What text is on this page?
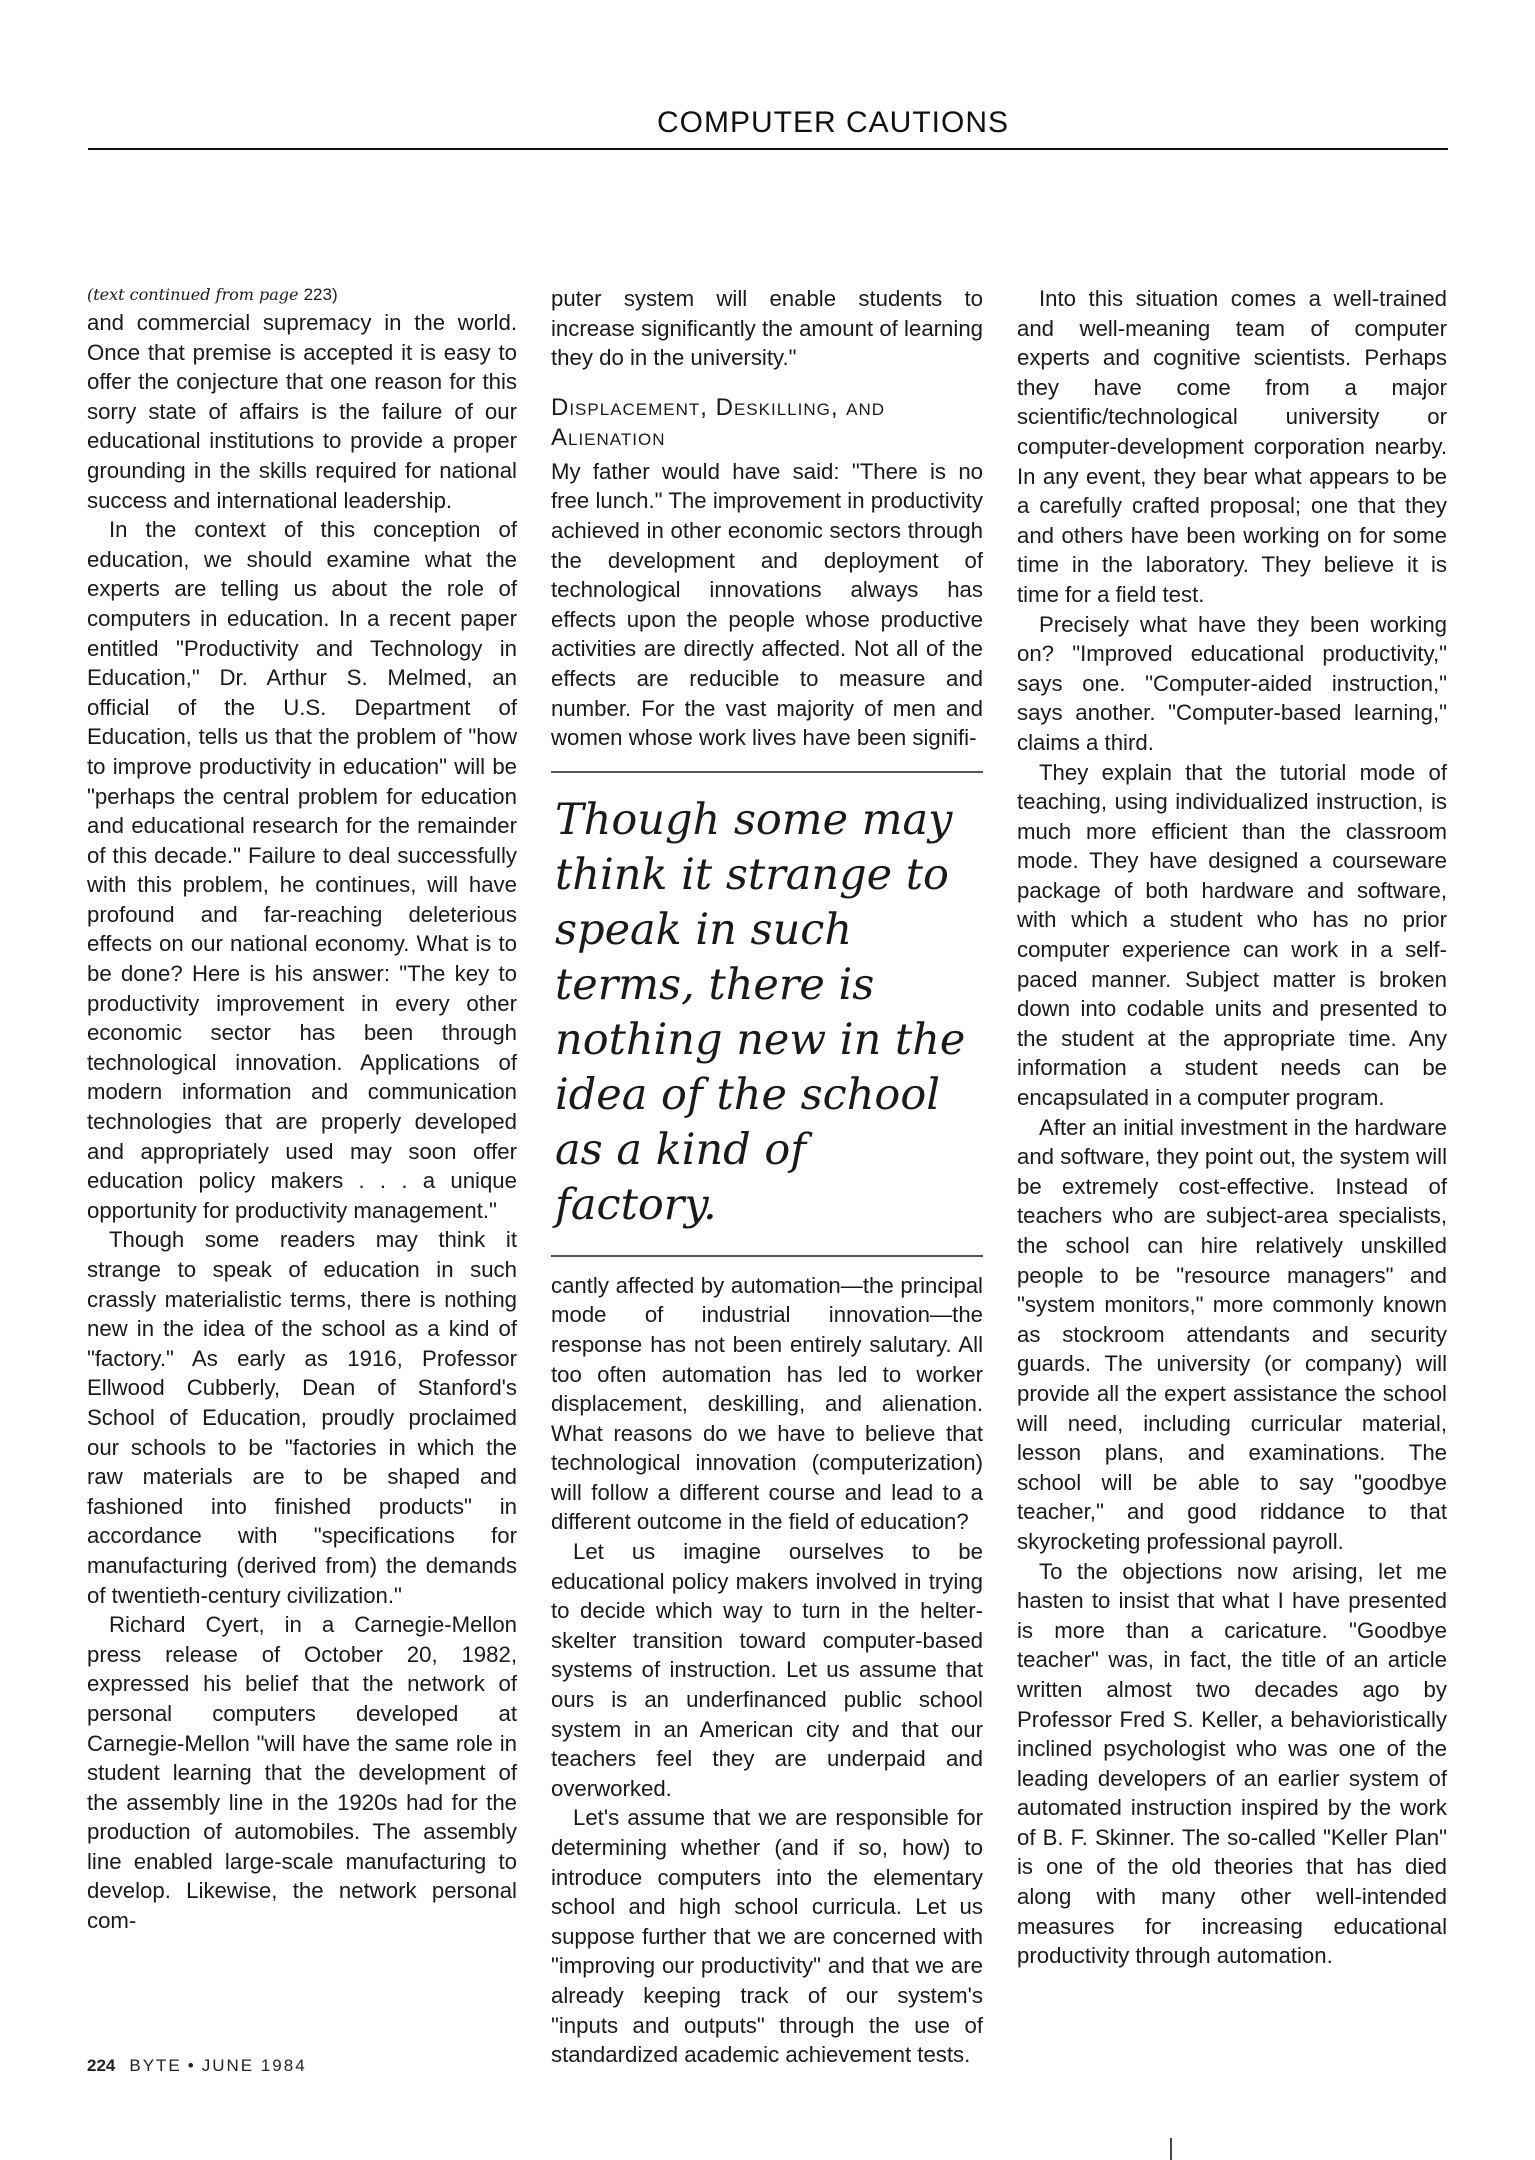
COMPUTER CAUTIONS
(text continued from page 223)

and commercial supremacy in the world. Once that premise is accepted it is easy to offer the conjecture that one reason for this sorry state of affairs is the failure of our educational institutions to provide a proper grounding in the skills required for national success and international leadership.

In the context of this conception of education, we should examine what the experts are telling us about the role of computers in education. In a recent paper entitled "Productivity and Technology in Education," Dr. Arthur S. Melmed, an official of the U.S. Department of Education, tells us that the problem of "how to improve productivity in education" will be "perhaps the central problem for education and educational research for the remainder of this decade." Failure to deal successfully with this problem, he continues, will have profound and far-reaching deleterious effects on our national economy. What is to be done? Here is his answer: "The key to productivity improvement in every other economic sector has been through technological innovation. Applications of modern information and communication technologies that are properly developed and appropriately used may soon offer education policy makers . . . a unique opportunity for productivity management."

Though some readers may think it strange to speak of education in such crassly materialistic terms, there is nothing new in the idea of the school as a kind of "factory." As early as 1916, Professor Ellwood Cubberly, Dean of Stanford's School of Education, proudly proclaimed our schools to be "factories in which the raw materials are to be shaped and fashioned into finished products" in accordance with "specifications for manufacturing (derived from) the demands of twentieth-century civilization."

Richard Cyert, in a Carnegie-Mellon press release of October 20, 1982, expressed his belief that the network of personal computers developed at Carnegie-Mellon "will have the same role in student learning that the development of the assembly line in the 1920s had for the production of automobiles. The assembly line enabled large-scale manufacturing to develop. Likewise, the network personal com-

puter system will enable students to increase significantly the amount of learning they do in the university."

Displacement, Deskilling, and Alienation

My father would have said: "There is no free lunch." The improvement in productivity achieved in other economic sectors through the development and deployment of technological innovations always has effects upon the people whose productive activities are directly affected. Not all of the effects are reducible to measure and number. For the vast majority of men and women whose work lives have been signifi-

Though some may think it strange to speak in such terms, there is nothing new in the idea of the school as a kind of factory.

cantly affected by automation—the principal mode of industrial innovation—the response has not been entirely salutary. All too often automation has led to worker displacement, deskilling, and alienation. What reasons do we have to believe that technological innovation (computerization) will follow a different course and lead to a different outcome in the field of education?

Let us imagine ourselves to be educational policy makers involved in trying to decide which way to turn in the helter-skelter transition toward computer-based systems of instruction. Let us assume that ours is an underfinanced public school system in an American city and that our teachers feel they are underpaid and overworked.

Let's assume that we are responsible for determining whether (and if so, how) to introduce computers into the elementary school and high school curricula. Let us suppose further that we are concerned with "improving our productivity" and that we are already keeping track of our system's "inputs and outputs" through the use of standardized academic achievement tests.

Into this situation comes a well-trained and well-meaning team of computer experts and cognitive scientists. Perhaps they have come from a major scientific/technological university or computer-development corporation nearby. In any event, they bear what appears to be a carefully crafted proposal; one that they and others have been working on for some time in the laboratory. They believe it is time for a field test.

Precisely what have they been working on? "Improved educational productivity," says one. "Computer-aided instruction," says another. "Computer-based learning," claims a third.

They explain that the tutorial mode of teaching, using individualized instruction, is much more efficient than the classroom mode. They have designed a courseware package of both hardware and software, with which a student who has no prior computer experience can work in a self-paced manner. Subject matter is broken down into codable units and presented to the student at the appropriate time. Any information a student needs can be encapsulated in a computer program.

After an initial investment in the hardware and software, they point out, the system will be extremely cost-effective. Instead of teachers who are subject-area specialists, the school can hire relatively unskilled people to be "resource managers" and "system monitors," more commonly known as stockroom attendants and security guards. The university (or company) will provide all the expert assistance the school will need, including curricular material, lesson plans, and examinations. The school will be able to say "goodbye teacher," and good riddance to that skyrocketing professional payroll.

To the objections now arising, let me hasten to insist that what I have presented is more than a caricature. "Goodbye teacher" was, in fact, the title of an article written almost two decades ago by Professor Fred S. Keller, a behavioristically inclined psychologist who was one of the leading developers of an earlier system of automated instruction inspired by the work of B. F. Skinner. The so-called "Keller Plan" is one of the old theories that has died along with many other well-intended measures for increasing educational productivity through automation.

224 BYTE • JUNE 1984
